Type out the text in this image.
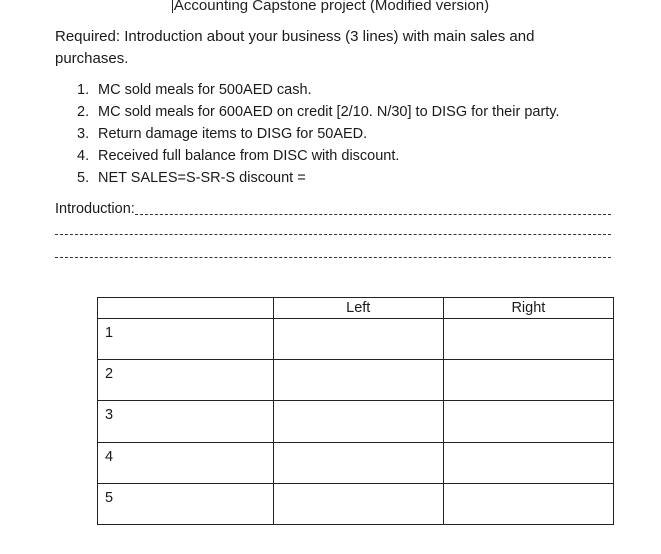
Accounting Capstone project (Modified version)
Required: Introduction about your business (3 lines) with main sales and purchases.
1. MC sold meals for 500AED cash.
2. MC sold meals for 600AED on credit [2/10. N/30] to DISG for their party.
3. Return damage items to DISG for 50AED.
4. Received full balance from DISC with discount.
5. NET SALES=S-SR-S discount =
Introduction:
	Left	Right
1		
2		
3		
4		
5		
